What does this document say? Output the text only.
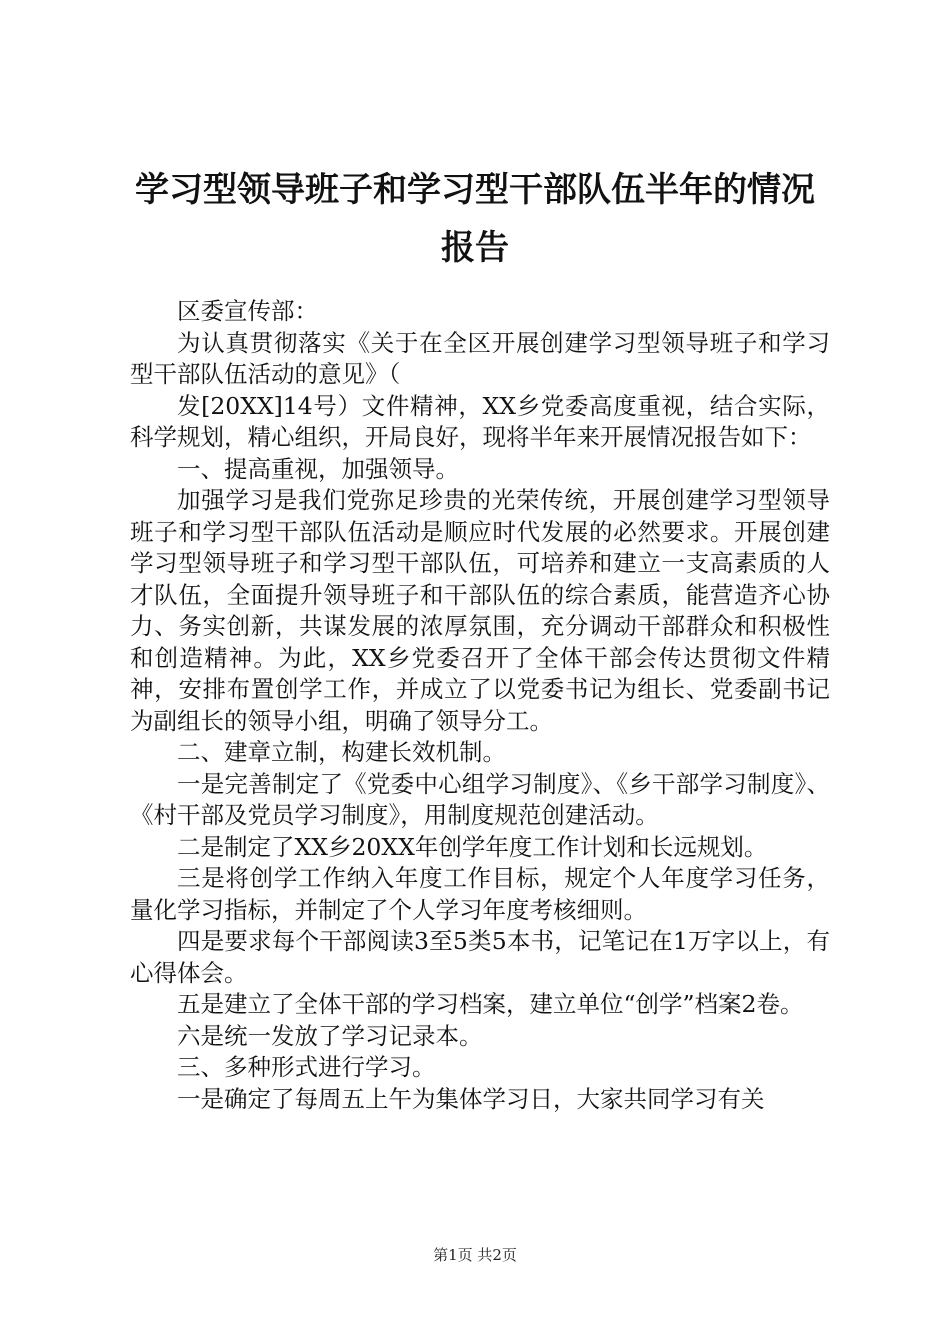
学习型领导班子和学习型干部队伍半年的情况
报告

区委宣传部：

为认真贯彻落实《关于在全区开展创建学习型领导班子和学习型干部队伍活动的意见》（

发[20XX]14号）文件精神，XX乡党委高度重视，结合实际，科学规划，精心组织，开局良好，现将半年来开展情况报告如下：

一、提高重视，加强领导。

加强学习是我们党弥足珍贵的光荣传统，开展创建学习型领导班子和学习型干部队伍活动是顺应时代发展的必然要求。开展创建学习型领导班子和学习型干部队伍，可培养和建立一支高素质的人才队伍，全面提升领导班子和干部队伍的综合素质，能营造齐心协力、务实创新，共谋发展的浓厚氛围，充分调动干部群众和积极性和创造精神。为此，XX乡党委召开了全体干部会传达贯彻文件精神，安排布置创学工作，并成立了以党委书记为组长、党委副书记为副组长的领导小组，明确了领导分工。

二、建章立制，构建长效机制。

一是完善制定了《党委中心组学习制度》、《乡干部学习制度》、《村干部及党员学习制度》，用制度规范创建活动。

二是制定了XX乡20XX年创学年度工作计划和长远规划。

三是将创学工作纳入年度工作目标，规定个人年度学习任务，量化学习指标，并制定了个人学习年度考核细则。

四是要求每个干部阅读3至5类5本书，记笔记在1万字以上，有心得体会。

五是建立了全体干部的学习档案，建立单位“创学”档案2卷。

六是统一发放了学习记录本。

三、多种形式进行学习。

一是确定了每周五上午为集体学习日，大家共同学习有关

第1页 共2页
